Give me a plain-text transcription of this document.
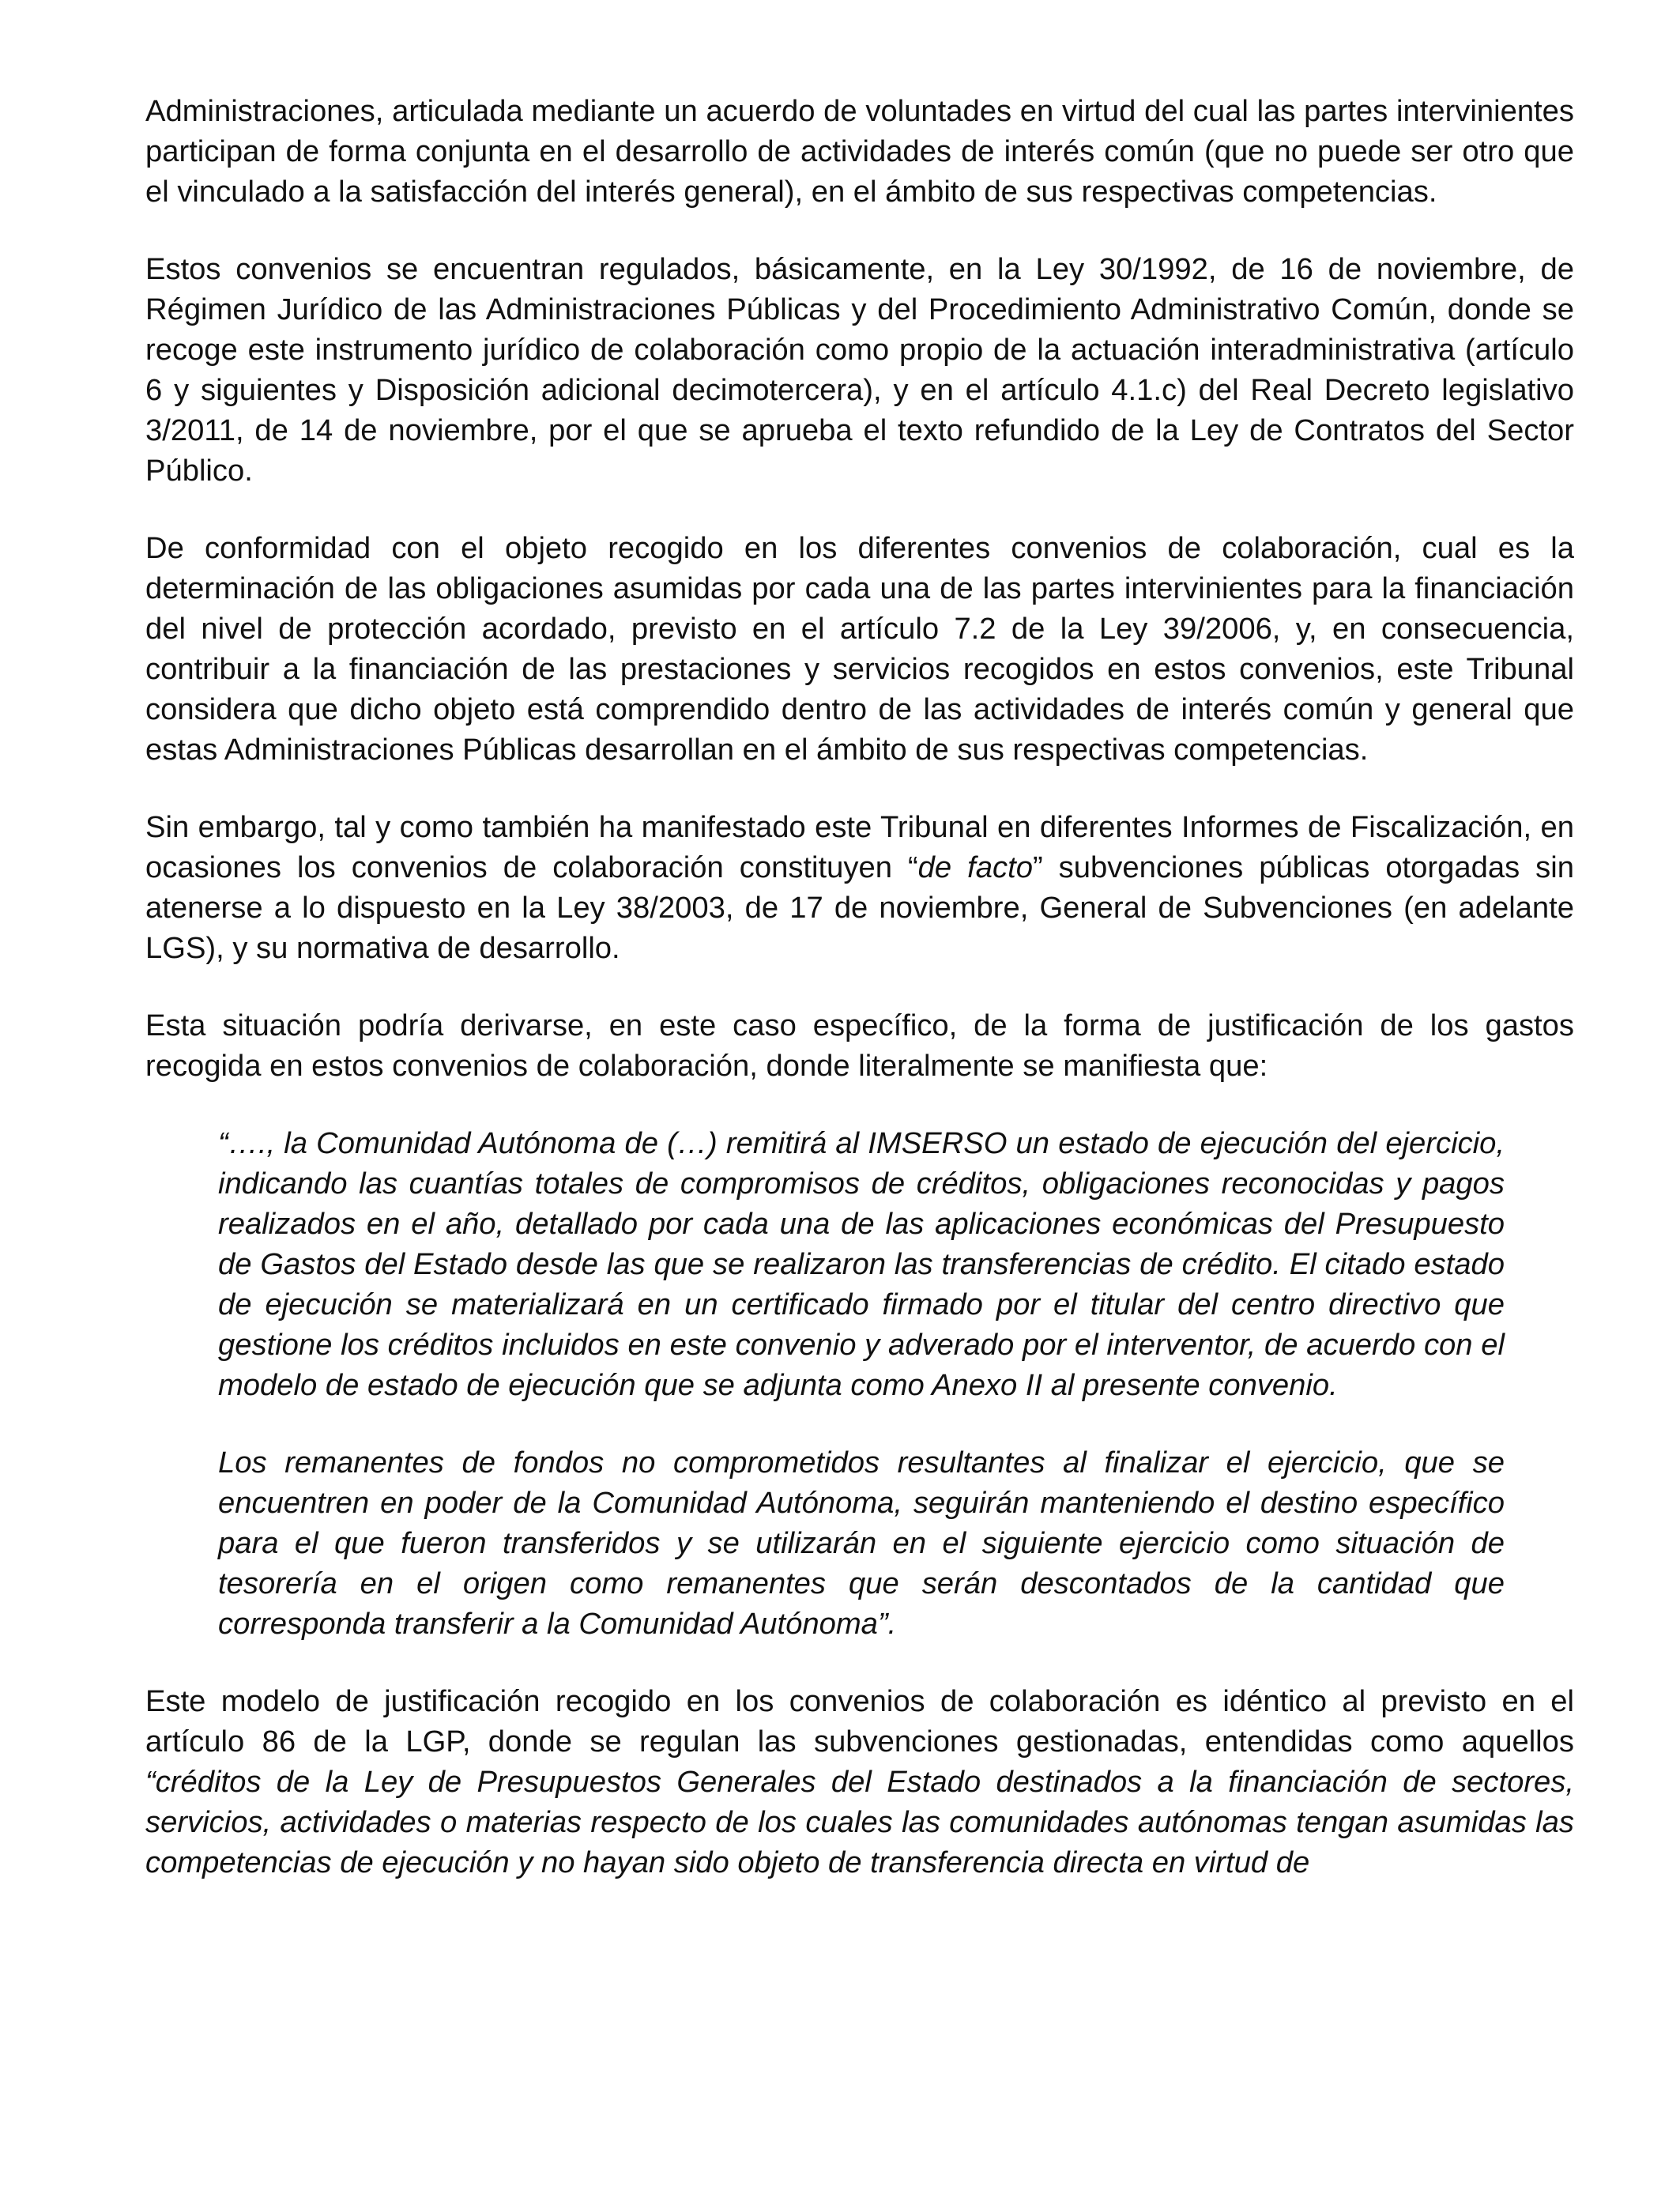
Administraciones, articulada mediante un acuerdo de voluntades en virtud del cual las partes intervinientes participan de forma conjunta en el desarrollo de actividades de interés común (que no puede ser otro que el vinculado a la satisfacción del interés general), en el ámbito de sus respectivas competencias.

Estos convenios se encuentran regulados, básicamente, en la Ley 30/1992, de 16 de noviembre, de Régimen Jurídico de las Administraciones Públicas y del Procedimiento Administrativo Común, donde se recoge este instrumento jurídico de colaboración como propio de la actuación interadministrativa (artículo 6 y siguientes y Disposición adicional decimotercera), y en el artículo 4.1.c) del Real Decreto legislativo 3/2011, de 14 de noviembre, por el que se aprueba el texto refundido de la Ley de Contratos del Sector Público.

De conformidad con el objeto recogido en los diferentes convenios de colaboración, cual es la determinación de las obligaciones asumidas por cada una de las partes intervinientes para la financiación del nivel de protección acordado, previsto en el artículo 7.2 de la Ley 39/2006, y, en consecuencia, contribuir a la financiación de las prestaciones y servicios recogidos en estos convenios, este Tribunal considera que dicho objeto está comprendido dentro de las actividades de interés común y general que estas Administraciones Públicas desarrollan en el ámbito de sus respectivas competencias.

Sin embargo, tal y como también ha manifestado este Tribunal en diferentes Informes de Fiscalización, en ocasiones los convenios de colaboración constituyen “de facto” subvenciones públicas otorgadas sin atenerse a lo dispuesto en la Ley 38/2003, de 17 de noviembre, General de Subvenciones (en adelante LGS), y su normativa de desarrollo.

Esta situación podría derivarse, en este caso específico, de la forma de justificación de los gastos recogida en estos convenios de colaboración, donde literalmente se manifiesta que:

“…., la Comunidad Autónoma de (…) remitirá al IMSERSO un estado de ejecución del ejercicio, indicando las cuantías totales de compromisos de créditos, obligaciones reconocidas y pagos realizados en el año, detallado por cada una de las aplicaciones económicas del Presupuesto de Gastos del Estado desde las que se realizaron las transferencias de crédito. El citado estado de ejecución se materializará en un certificado firmado por el titular del centro directivo que gestione los créditos incluidos en este convenio y adverado por el interventor, de acuerdo con el modelo de estado de ejecución que se adjunta como Anexo II al presente convenio.

Los remanentes de fondos no comprometidos resultantes al finalizar el ejercicio, que se encuentren en poder de la Comunidad Autónoma, seguirán manteniendo el destino específico para el que fueron transferidos y se utilizarán en el siguiente ejercicio como situación de tesorería en el origen como remanentes que serán descontados de la cantidad que corresponda transferir a la Comunidad Autónoma”.

Este modelo de justificación recogido en los convenios de colaboración es idéntico al previsto en el artículo 86 de la LGP, donde se regulan las subvenciones gestionadas, entendidas como aquellos “créditos de la Ley de Presupuestos Generales del Estado destinados a la financiación de sectores, servicios, actividades o materias respecto de los cuales las comunidades autónomas tengan asumidas las competencias de ejecución y no hayan sido objeto de transferencia directa en virtud de
